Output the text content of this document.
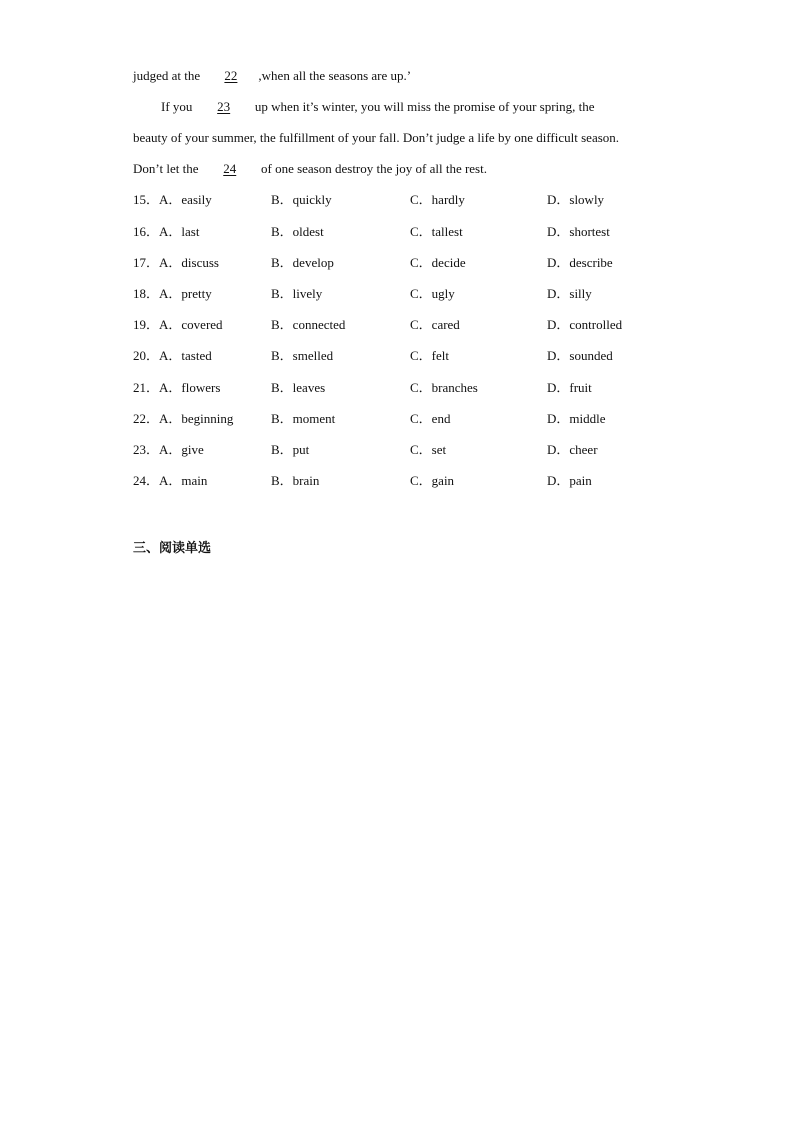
judged at the 22 ,when all the seasons are up.’
If you 23 up when it’s winter, you will miss the promise of your spring, the
beauty of your summer, the fulfillment of your fall. Don’t judge a life by one difficult season.
Don’t let the 24 of one season destroy the joy of all the rest.
15．A．easily	B．quickly	C．hardly	D．slowly
16．A．last	B．oldest	C．tallest	D．shortest
17．A．discuss	B．develop	C．decide	D．describe
18．A．pretty	B．lively	C．ugly	D．silly
19．A．covered	B．connected	C．cared	D．controlled
20．A．tasted	B．smelled	C．felt	D．sounded
21．A．flowers	B．leaves	C．branches	D．fruit
22．A．beginning	B．moment	C．end	D．middle
23．A．give	B．put	C．set	D．cheer
24．A．main	B．brain	C．gain	D．pain
三、阅读单选
